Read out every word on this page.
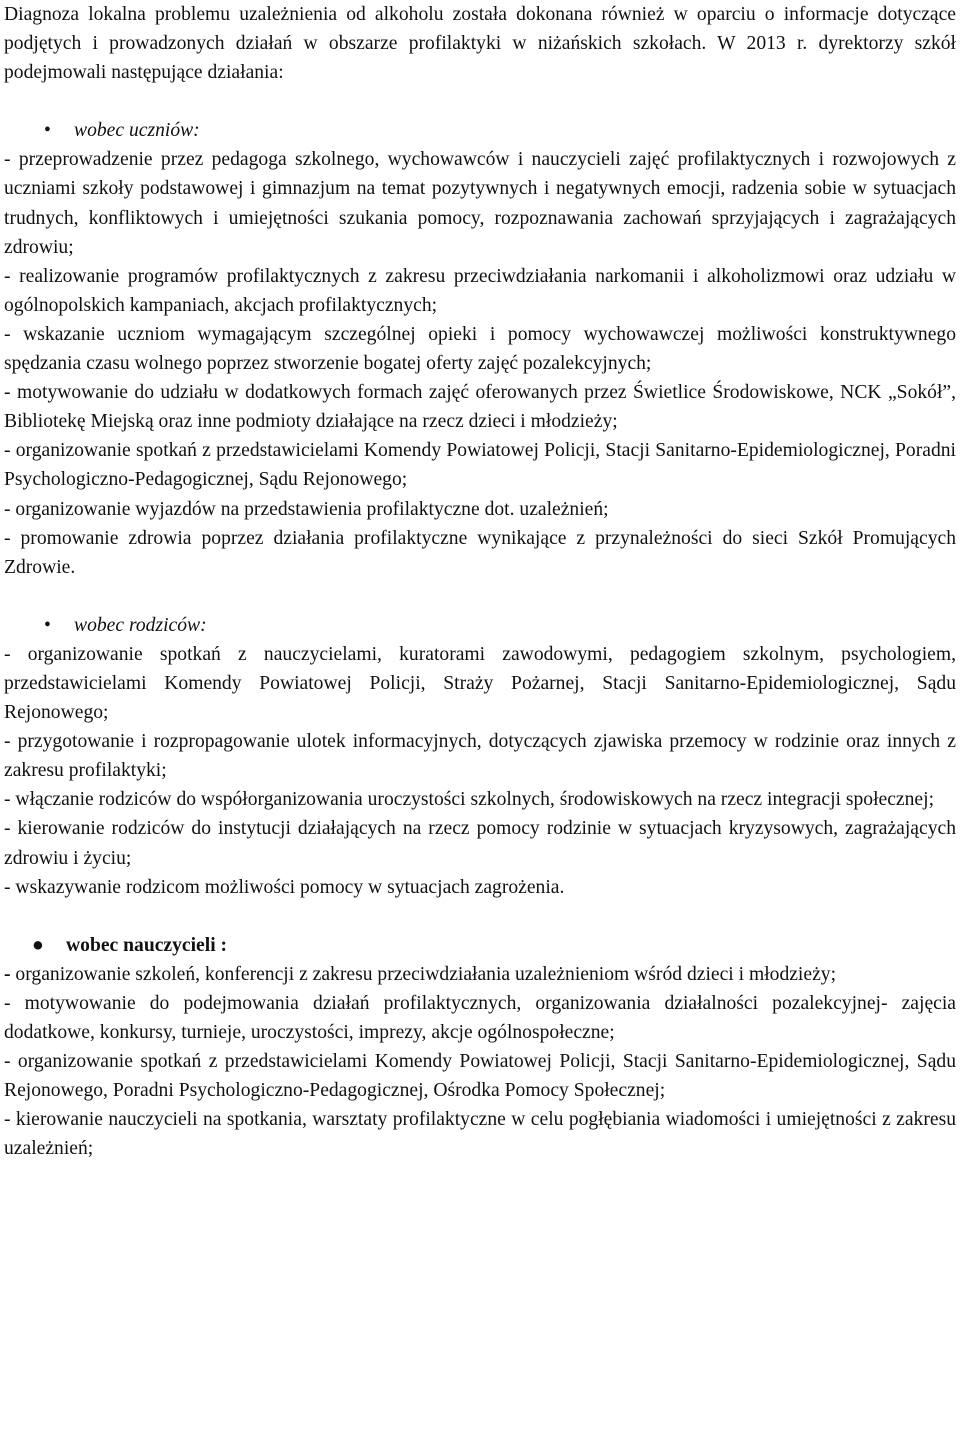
Diagnoza lokalna problemu uzależnienia od alkoholu została dokonana również w oparciu o informacje dotyczące podjętych i prowadzonych działań w obszarze profilaktyki w niżańskich szkołach. W 2013 r. dyrektorzy szkół podejmowali następujące działania:

• wobec uczniów:

- przeprowadzenie przez pedagoga szkolnego, wychowawców i nauczycieli zajęć profilaktycznych i rozwojowych z uczniami szkoły podstawowej i gimnazjum na temat pozytywnych i negatywnych emocji, radzenia sobie w sytuacjach trudnych, konfliktowych i umiejętności szukania pomocy, rozpoznawania zachowań sprzyjających i zagrażających zdrowiu;

- realizowanie programów profilaktycznych z zakresu przeciwdziałania narkomanii i alkoholizmowi oraz udziału w ogólnopolskich kampaniach, akcjach profilaktycznych;

- wskazanie uczniom wymagającym szczególnej opieki i pomocy wychowawczej możliwości konstruktywnego spędzania czasu wolnego poprzez stworzenie bogatej oferty zajęć pozalekcyjnych;

- motywowanie do udziału w dodatkowych formach zajęć oferowanych przez Świetlice Środowiskowe, NCK „Sokół”, Bibliotekę Miejską oraz inne podmioty działające na rzecz dzieci i młodzieży;

- organizowanie spotkań z przedstawicielami Komendy Powiatowej Policji, Stacji Sanitarno-Epidemiologicznej, Poradni Psychologiczno-Pedagogicznej, Sądu Rejonowego;

- organizowanie wyjazdów na przedstawienia profilaktyczne dot. uzależnień;

- promowanie zdrowia poprzez działania profilaktyczne wynikające z przynależności do sieci Szkół Promujących Zdrowie.

• wobec rodziców:

- organizowanie spotkań z nauczycielami, kuratorami zawodowymi, pedagogiem szkolnym, psychologiem, przedstawicielami Komendy Powiatowej Policji, Straży Pożarnej, Stacji Sanitarno-Epidemiologicznej, Sądu Rejonowego;

- przygotowanie i rozpropagowanie ulotek informacyjnych, dotyczących zjawiska przemocy w rodzinie oraz innych z zakresu profilaktyki;

- włączanie rodziców do współorganizowania uroczystości szkolnych, środowiskowych na rzecz integracji społecznej;

- kierowanie rodziców do instytucji działających na rzecz pomocy rodzinie w sytuacjach kryzysowych, zagrażających zdrowiu i życiu;

- wskazywanie rodzicom możliwości pomocy w sytuacjach zagrożenia.

● wobec nauczycieli :

- organizowanie szkoleń, konferencji z zakresu przeciwdziałania uzależnieniom wśród dzieci i młodzieży;

- motywowanie do podejmowania działań profilaktycznych, organizowania działalności pozalekcyjnej- zajęcia dodatkowe, konkursy, turnieje, uroczystości, imprezy, akcje ogólnospołeczne;

- organizowanie spotkań z przedstawicielami Komendy Powiatowej Policji, Stacji Sanitarno-Epidemiologicznej, Sądu Rejonowego, Poradni Psychologiczno-Pedagogicznej, Ośrodka Pomocy Społecznej;

- kierowanie nauczycieli na spotkania, warsztaty profilaktyczne w celu pogłębiania wiadomości i umiejętności z zakresu uzależnień;
